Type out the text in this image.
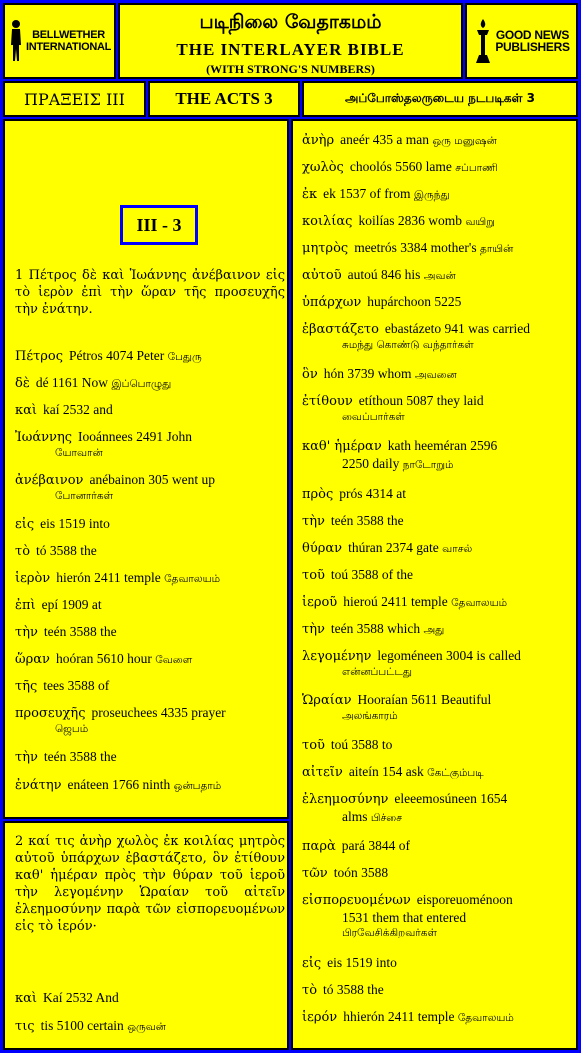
BELLWETHER
INTERNATIONAL
படிநிலை வேதாகமம்
THE INTERLAYER BIBLE
(WITH STRONG'S NUMBERS)
GOOD NEWS
PUBLISHERS
ΠΡΑΞΕΙΣ III	THE ACTS 3	அப்போஸ்தலருடைய நடபடிகள் 3
III - 3
1 Πέτρος δὲ καὶ Ἰωάννης ἀνέβαινον εἰς τὸ ἱερὸν ἐπὶ τὴν ὥραν τῆς προσευχῆς τὴν ἐνάτην.
Πέτρος Pétros 4074 Peter பேதுரு
δὲ dé 1161 Now இப்பொழுது
καὶ kaí 2532 and
Ἰωάννης Iooánnees 2491 John
யோவான்
ἀνέβαινον anébainon 305 went up
போனார்கள்
εἰς eis 1519 into
τὸ tó 3588 the
ἱερὸν hierón 2411 temple தேவாலயம்
ἐπὶ epí 1909 at
τὴν teén 3588 the
ὥραν hoóran 5610 hour வேளை
τῆς tees 3588 of
προσευχῆς proseuchees 4335 prayer
ஜெபம்
τὴν teén 3588 the
ἐνάτην enáteen 1766 ninth ஒன்பதாம்
2 καί τις ἀνὴρ χωλὸς ἐκ κοιλίας μητρὸς αὐτοῦ ὑπάρχων ἐβαστάζετο, ὃν ἐτίθουν καθ' ἡμέραν πρὸς τὴν θύραν τοῦ ἱεροῦ τὴν λεγομένην Ὡραίαν τοῦ αἰτεῖν ἐλεημοσύνην παρὰ τῶν εἰσπορευομένων εἰς τὸ ἱερόν·
καὶ Kaí 2532 And
τις tis 5100 certain ஒருவன்
ἀνὴρ aneér 435 a man ஒரு மனுஷன்
χωλὸς choolós 5560 lame சப்பாணி
ἐκ ek 1537 of from இருந்து
κοιλίας koilías 2836 womb வயிறு
μητρὸς meetrós 3384 mother's தாயின்
αὐτοῦ autoú 846 his அவன்
ὑπάρχων hupárchoon 5225
ἐβαστάζετο ebastázeto 941 was carried
சுமந்து கொண்டு வந்தார்கள்
ὃν hón 3739 whom அவனை
ἐτίθουν etíthoun 5087 they laid
வைப்பார்கள்
καθ' ἡμέραν kath heeméran 2596
2250 daily நாடோறும்
πρὸς prós 4314 at
τὴν teén 3588 the
θύραν thúran 2374 gate வாசல்
τοῦ toú 3588 of the
ἱεροῦ hieroú 2411 temple தேவாலயம்
τὴν teén 3588 which அது
λεγομένην legoméneen 3004 is called
என்னப்பட்டது
Ὡραίαν Hooraían 5611 Beautiful
அலங்காரம்
τοῦ toú 3588 to
αἰτεῖν aiteín 154 ask கேட்கும்படி
ἐλεημοσύνην eleeemosúneen 1654
alms பிச்சை
παρὰ pará 3844 of
τῶν toón 3588
εἰσπορευομένων eisporeuoménoon
1531 them that entered
பிரவேசிக்கிறவர்கள்
εἰς eis 1519 into
τὸ tó 3588 the
ἱερόν hhierón 2411 temple தேவாலயம்
